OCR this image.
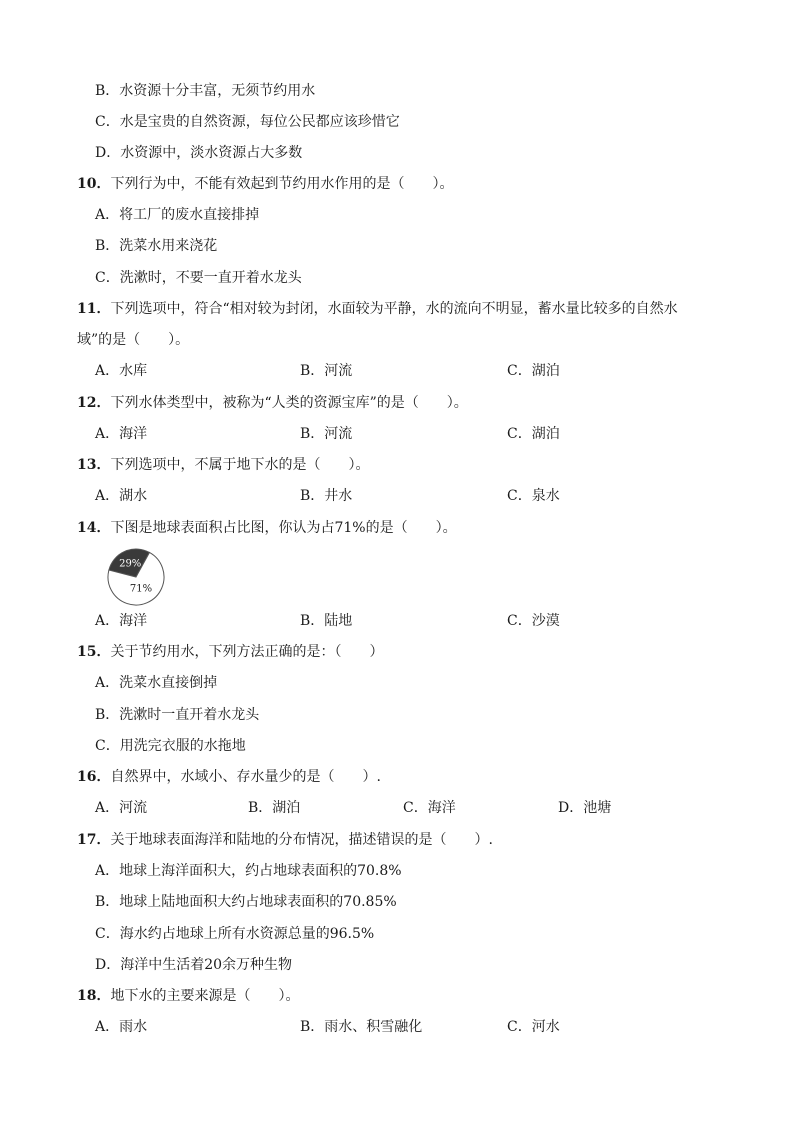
B．水资源十分丰富，无须节约用水
C．水是宝贵的自然资源，每位公民都应该珍惜它
D．水资源中，淡水资源占大多数
10．下列行为中，不能有效起到节约用水作用的是（　　）。
A．将工厂的废水直接排掉
B．洗菜水用来浇花
C．洗漱时，不要一直开着水龙头
11．下列选项中，符合“相对较为封闭，水面较为平静，水的流向不明显，蓄水量比较多的自然水
域”的是（　　）。
A．水库	B．河流	C．湖泊
12．下列水体类型中，被称为“人类的资源宝库”的是（　　）。
A．海洋	B．河流	C．湖泊
13．下列选项中，不属于地下水的是（　　）。
A．湖水	B．井水	C．泉水
14．下图是地球表面积占比图，你认为占71%的是（　　）。
29%
71%
A．海洋	B．陆地	C．沙漠
15．关于节约用水，下列方法正确的是：（　　）
A．洗菜水直接倒掉
B．洗漱时一直开着水龙头
C．用洗完衣服的水拖地
16．自然界中，水域小、存水量少的是（　　）.
A．河流	B．湖泊	C．海洋	D．池塘
17．关于地球表面海洋和陆地的分布情况，描述错误的是（　　）.
A．地球上海洋面积大，约占地球表面积的70.8%
B．地球上陆地面积大约占地球表面积的70.85%
C．海水约占地球上所有水资源总量的96.5%
D．海洋中生活着20余万种生物
18．地下水的主要来源是（　　）。
A．雨水	B．雨水、积雪融化	C．河水
